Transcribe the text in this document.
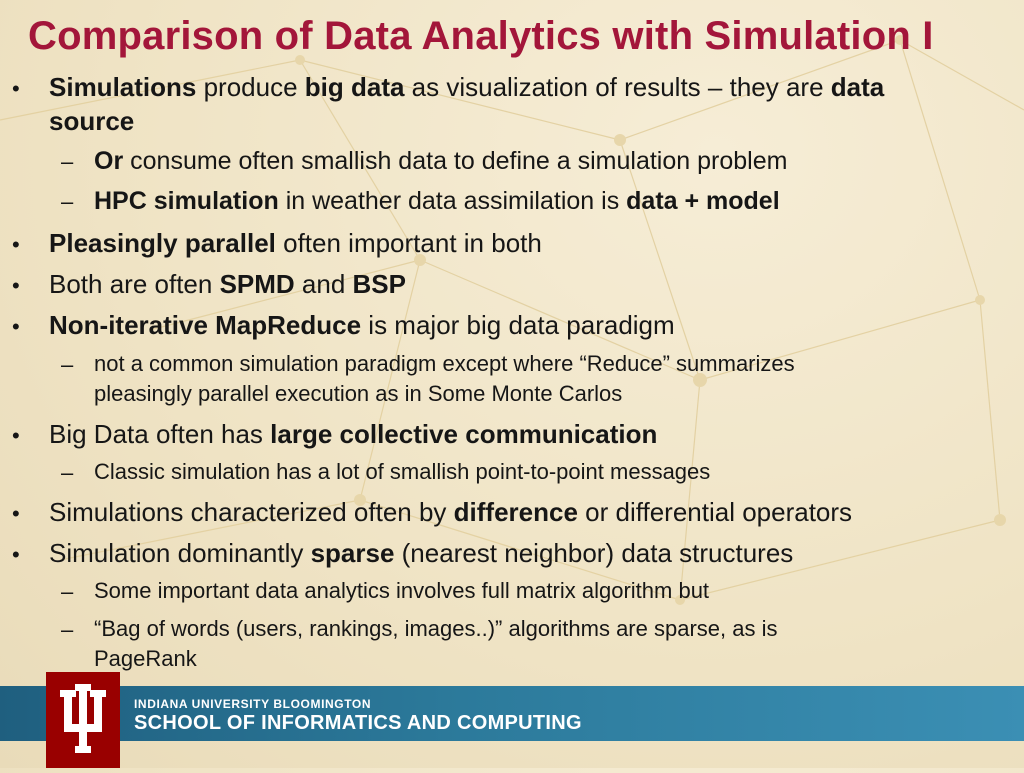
Comparison of Data Analytics with Simulation I
• Simulations produce big data as visualization of results – they are data
source
– Or consume often smallish data to define a simulation problem
– HPC simulation in weather data assimilation is data + model
• Pleasingly parallel often important in both
• Both are often SPMD and BSP
• Non-iterative MapReduce is major big data paradigm
– not a common simulation paradigm except where “Reduce” summarizes
pleasingly parallel execution as in Some Monte Carlos
• Big Data often has large collective communication
– Classic simulation has a lot of smallish point-to-point messages
• Simulations characterized often by difference or differential operators
• Simulation dominantly sparse (nearest neighbor) data structures
– Some important data analytics involves full matrix algorithm but
– “Bag of words (users, rankings, images..)” algorithms are sparse, as is
PageRank
INDIANA UNIVERSITY BLOOMINGTON
SCHOOL OF INFORMATICS AND COMPUTING
